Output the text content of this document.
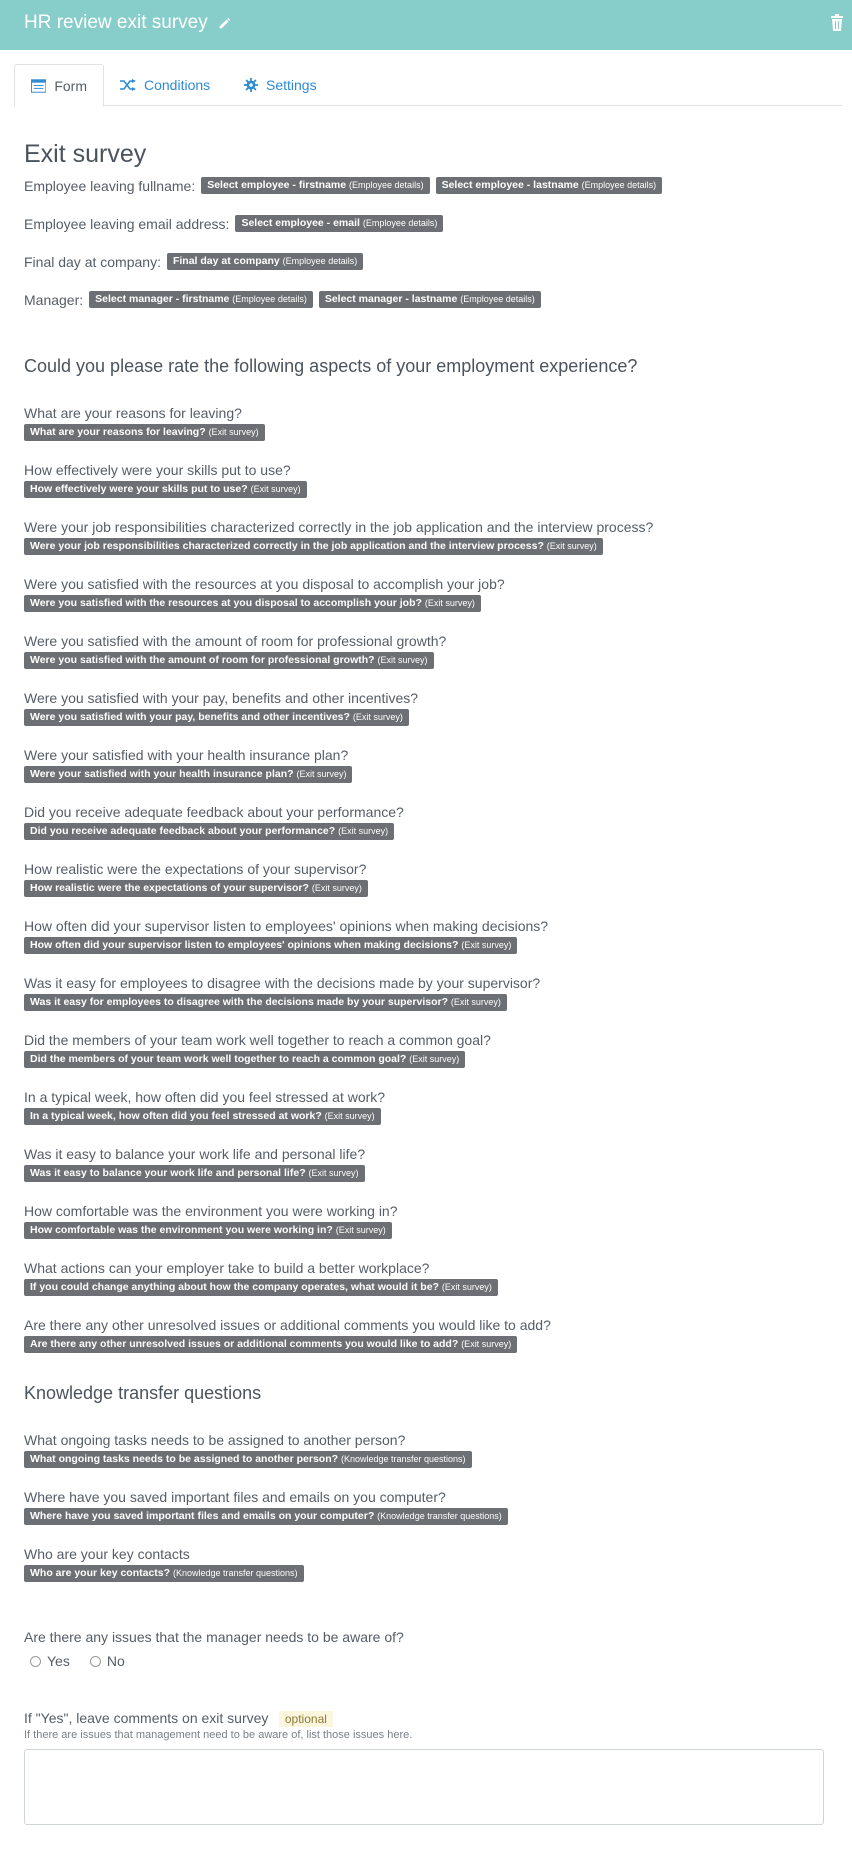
HR review exit survey
Form	Conditions	Settings
Exit survey
Employee leaving fullname:	Select employee - firstname (Employee details)	Select employee - lastname (Employee details)
Employee leaving email address:	Select employee - email (Employee details)
Final day at company:	Final day at company (Employee details)
Manager:	Select manager - firstname (Employee details)	Select manager - lastname (Employee details)
Could you please rate the following aspects of your employment experience?
What are your reasons for leaving?
What are your reasons for leaving? (Exit survey)
How effectively were your skills put to use?
How effectively were your skills put to use? (Exit survey)
Were your job responsibilities characterized correctly in the job application and the interview process?
Were your job responsibilities characterized correctly in the job application and the interview process? (Exit survey)
Were you satisfied with the resources at you disposal to accomplish your job?
Were you satisfied with the resources at you disposal to accomplish your job? (Exit survey)
Were you satisfied with the amount of room for professional growth?
Were you satisfied with the amount of room for professional growth? (Exit survey)
Were you satisfied with your pay, benefits and other incentives?
Were you satisfied with your pay, benefits and other incentives? (Exit survey)
Were your satisfied with your health insurance plan?
Were your satisfied with your health insurance plan? (Exit survey)
Did you receive adequate feedback about your performance?
Did you receive adequate feedback about your performance? (Exit survey)
How realistic were the expectations of your supervisor?
How realistic were the expectations of your supervisor? (Exit survey)
How often did your supervisor listen to employees' opinions when making decisions?
How often did your supervisor listen to employees' opinions when making decisions? (Exit survey)
Was it easy for employees to disagree with the decisions made by your supervisor?
Was it easy for employees to disagree with the decisions made by your supervisor? (Exit survey)
Did the members of your team work well together to reach a common goal?
Did the members of your team work well together to reach a common goal? (Exit survey)
In a typical week, how often did you feel stressed at work?
In a typical week, how often did you feel stressed at work? (Exit survey)
Was it easy to balance your work life and personal life?
Was it easy to balance your work life and personal life? (Exit survey)
How comfortable was the environment you were working in?
How comfortable was the environment you were working in? (Exit survey)
What actions can your employer take to build a better workplace?
If you could change anything about how the company operates, what would it be? (Exit survey)
Are there any other unresolved issues or additional comments you would like to add?
Are there any other unresolved issues or additional comments you would like to add? (Exit survey)
Knowledge transfer questions
What ongoing tasks needs to be assigned to another person?
What ongoing tasks needs to be assigned to another person? (Knowledge transfer questions)
Where have you saved important files and emails on you computer?
Where have you saved important files and emails on your computer? (Knowledge transfer questions)
Who are your key contacts
Who are your key contacts? (Knowledge transfer questions)
Are there any issues that the manager needs to be aware of?
Yes	No
If "Yes", leave comments on exit survey optional
If there are issues that management need to be aware of, list those issues here.
